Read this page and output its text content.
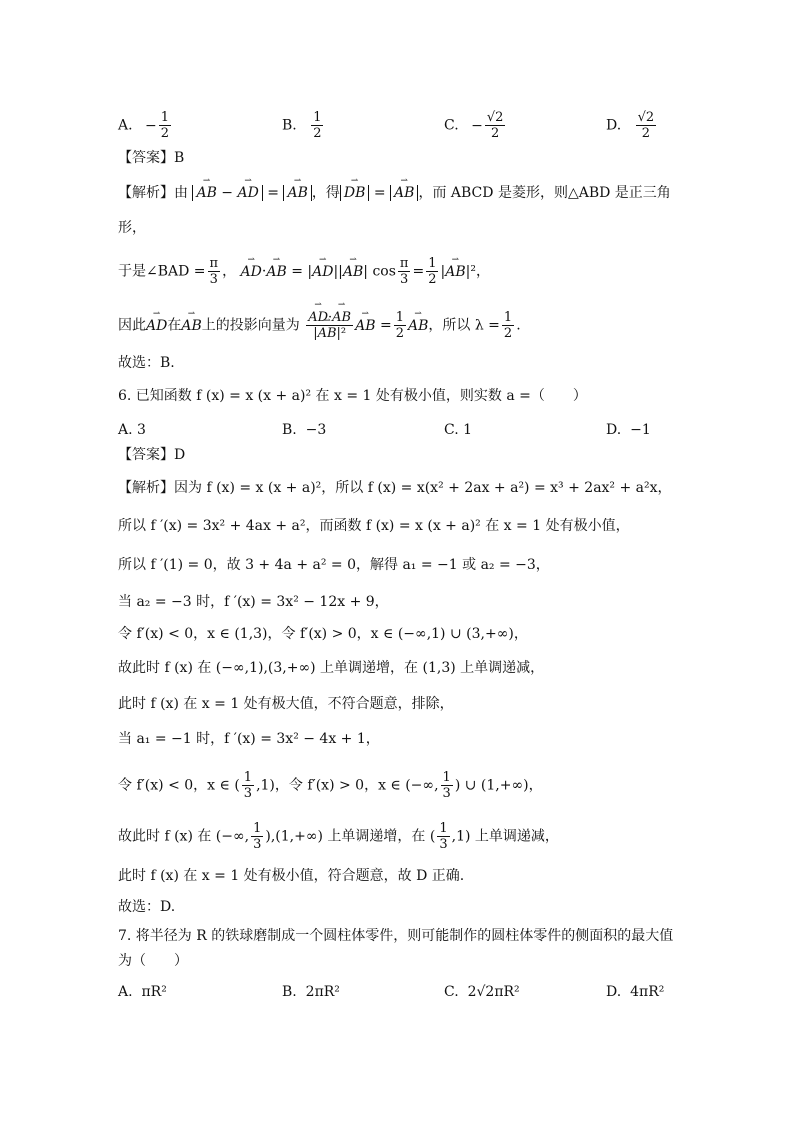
A. − $\frac{1}{2}$	B. $\frac{1}{2}$	C. − $\frac{√2}{2}$	D. $\frac{√2}{2}$
【答案】B
【解析】由 ⇀ AB − ⇀ AD = ⇀ AB ，得 ⇀ DB = ⇀ AB ，而 ABCD 是菱形，则△ABD 是正三角
形，
于是∠BAD = $\frac{\pi}{3}$ ， ⇀ AD·⇀ AB = |⇀ AD||⇀ AB| $\cos \frac{\pi}{3} = \frac{1}{2}$ |⇀ AB|²，
因此⇀ AD在⇀ AB上的投影向量为 ⇀ $\frac{AD\cdot⇀ AB}{\text{|⇀ AB|²}}$ ⇀ AB = $\frac{1}{2}$ ⇀ AB，所以 $\lambda = \frac{1}{2}$ .
故选：B.
6. 已知函数 f (x) = x (x + a)² 在 x = 1 处有极小值，则实数 a =（　　）
A. 3	B. −3	C. 1	D. −1
【答案】D
【解析】因为 f (x) = x (x + a)²，所以 f (x) = x(x² + 2ax + a²) = x³ + 2ax² + a²x，
所以 f ′(x) = 3x² + 4ax + a²，而函数 f (x) = x (x + a)² 在 x = 1 处有极小值，
所以 f ′(1) = 0，故 3 + 4a + a² = 0，解得 a₁ = −1 或 a₂ = −3，
当 a₂ = −3 时，f ′(x) = 3x² − 12x + 9，
令 f′(x) < 0，x ∈ (1,3)，令 f′(x) > 0，x ∈ (−∞,1) ∪ (3,+∞)，
故此时 f (x) 在 (−∞,1),(3,+∞) 上单调递增，在 (1,3) 上单调递减，
此时 f (x) 在 x = 1 处有极大值，不符合题意，排除，
当 a₁ = −1 时，f ′(x) = 3x² − 4x + 1，
令 f′(x) < 0，x ∈ ( $\frac{1}{3} ,1$)，令 f′(x) > 0，x ∈ (−∞, $\frac{1}{3}$ ) ∪ (1,+∞)，
故此时 f (x) 在 (−∞, $\frac{1}{3} ),(1,+\infty)$ 上单调递增，在 ( $\frac{1}{3} ,1$) 上单调递减，
此时 f (x) 在 x = 1 处有极小值，符合题意，故 D 正确.
故选：D.
7. 将半径为 R 的铁球磨制成一个圆柱体零件，则可能制作的圆柱体零件的侧面积的最大值
为（　　）
A. πR²	B. 2πR²	C. 2√2πR²	D. 4πR²
